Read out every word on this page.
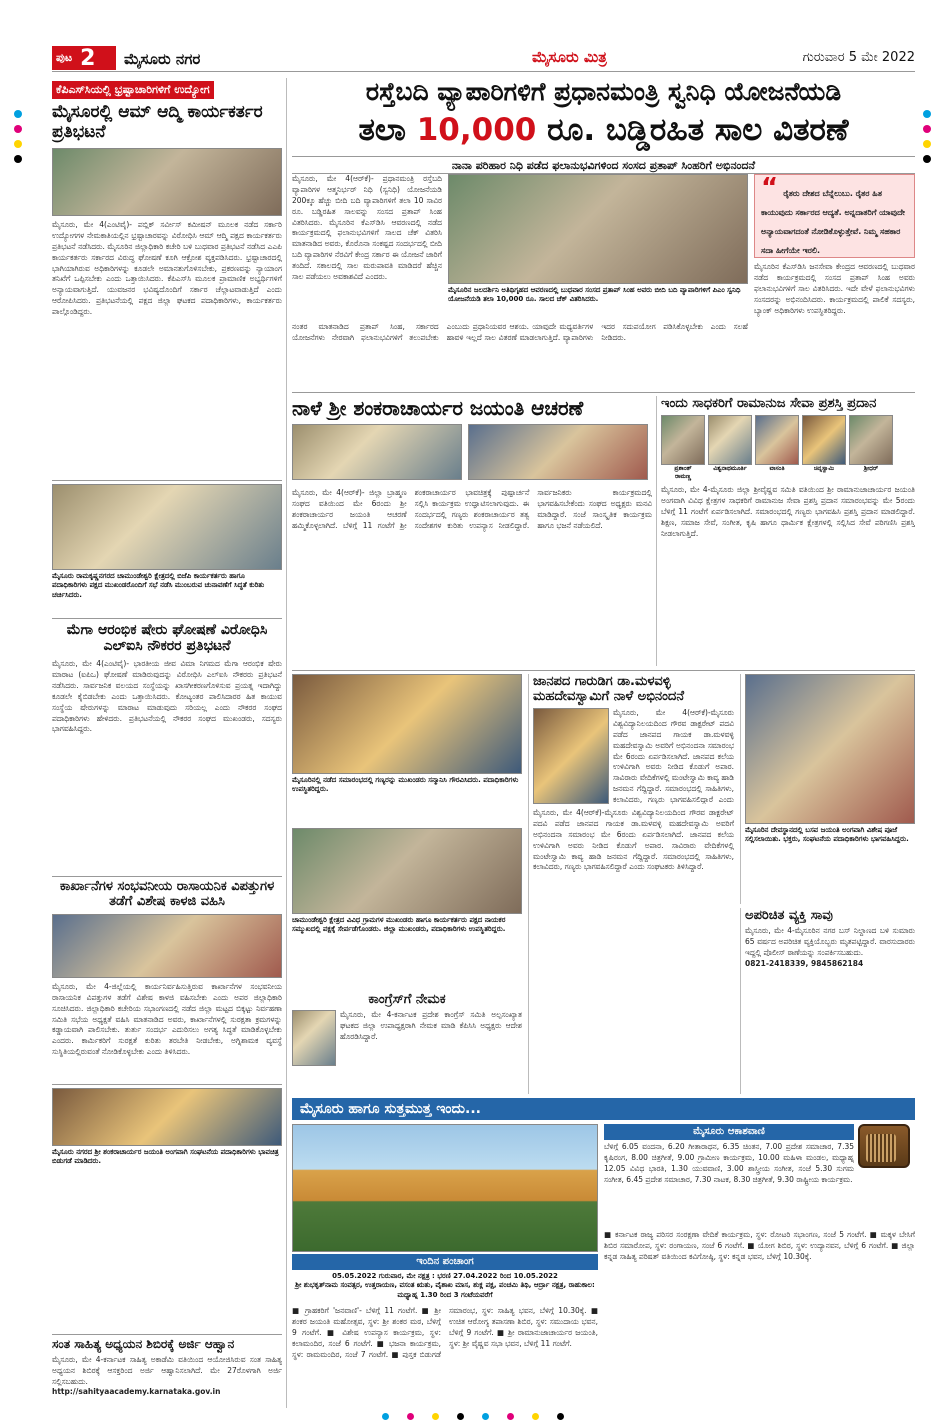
ಪುಟ 2 ಮೈಸೂರು ನಗರ	ಮೈಸೂರು ಮಿತ್ರ	ಗುರುವಾರ 5 ಮೇ 2022
ಕೆಪಿಎಸ್‌ಸಿಯಲ್ಲಿ ಭ್ರಷ್ಟಾಚಾರಿಗಳಿಗೆ ಉದ್ಯೋಗ
ಮೈಸೂರಲ್ಲಿ ಆಮ್ ಆದ್ಮಿ ಕಾರ್ಯಕರ್ತರ ಪ್ರತಿಭಟನೆ
ಮೈಸೂರು, ಮೇ 4(ಎಂಟಿವೈ)- ಪಬ್ಲಿಕ್ ಸರ್ವೀಸ್ ಕಮೀಷನ್ ಮೂಲಕ ನಡೆದ ಸರ್ಕಾರಿ ಉದ್ಯೋಗಗಳ ನೇಮಕಾತಿಯಲ್ಲಿನ ಭ್ರಷ್ಟಾಚಾರವನ್ನು ವಿರೋಧಿಸಿ ಆಮ್ ಆದ್ಮಿ ಪಕ್ಷದ ಕಾರ್ಯಕರ್ತರು ಪ್ರತಿಭಟನೆ ನಡೆಸಿದರು. ಮೈಸೂರಿನ ಜಿಲ್ಲಾಧಿಕಾರಿ ಕಚೇರಿ ಬಳಿ ಬುಧವಾರ ಪ್ರತಿಭಟನೆ ನಡೆಸಿದ ಎಎಪಿ ಕಾರ್ಯಕರ್ತರು ಸರ್ಕಾರದ ವಿರುದ್ಧ ಘೋಷಣೆ ಕೂಗಿ ಆಕ್ರೋಶ ವ್ಯಕ್ತಪಡಿಸಿದರು. ಭ್ರಷ್ಟಾಚಾರದಲ್ಲಿ ಭಾಗಿಯಾಗಿರುವ ಅಧಿಕಾರಿಗಳನ್ನು ಕೂಡಲೇ ಅಮಾನತುಗೊಳಿಸಬೇಕು, ಪ್ರಕರಣವನ್ನು ನ್ಯಾಯಾಂಗ ತನಿಖೆಗೆ ಒಪ್ಪಿಸಬೇಕು ಎಂದು ಒತ್ತಾಯಿಸಿದರು. ಕೆಪಿಎಸ್‌ಸಿ ಮೂಲಕ ಪ್ರಾಮಾಣಿಕ ಅಭ್ಯರ್ಥಿಗಳಿಗೆ ಅನ್ಯಾಯವಾಗುತ್ತಿದೆ. ಯುವಜನರ ಭವಿಷ್ಯದೊಂದಿಗೆ ಸರ್ಕಾರ ಚೆಲ್ಲಾಟವಾಡುತ್ತಿದೆ ಎಂದು ಆರೋಪಿಸಿದರು. ಪ್ರತಿಭಟನೆಯಲ್ಲಿ ಪಕ್ಷದ ಜಿಲ್ಲಾ ಘಟಕದ ಪದಾಧಿಕಾರಿಗಳು, ಕಾರ್ಯಕರ್ತರು ಪಾಲ್ಗೊಂಡಿದ್ದರು.
ಮೈಸೂರು ರಾಮಕೃಷ್ಣನಗರದ ಚಾಮುಂಡೇಶ್ವರಿ ಕ್ಷೇತ್ರದಲ್ಲಿ ಬಿಜೆಪಿ ಕಾರ್ಯಕರ್ತರು ಹಾಗೂ ಪದಾಧಿಕಾರಿಗಳು ಪಕ್ಷದ ಮುಖಂಡರೊಂದಿಗೆ ಸಭೆ ನಡೆಸಿ ಮುಂಬರುವ ಚುನಾವಣೆಗೆ ಸಿದ್ಧತೆ ಕುರಿತು ಚರ್ಚಿಸಿದರು.
ಮೆಗಾ ಆರಂಭಿಕ ಷೇರು ಘೋಷಣೆ ವಿರೋಧಿಸಿ ಎಲ್‌ಐಸಿ ನೌಕರರ ಪ್ರತಿಭಟನೆ
ಮೈಸೂರು, ಮೇ 4(ಎಂಟಿವೈ)- ಭಾರತೀಯ ಜೀವ ವಿಮಾ ನಿಗಮದ ಮೆಗಾ ಆರಂಭಿಕ ಷೇರು ಮಾರಾಟ (ಐಪಿಒ) ಘೋಷಣೆ ಮಾಡಿರುವುದನ್ನು ವಿರೋಧಿಸಿ ಎಲ್‌ಐಸಿ ನೌಕರರು ಪ್ರತಿಭಟನೆ ನಡೆಸಿದರು. ಸಾರ್ವಜನಿಕ ವಲಯದ ಸಂಸ್ಥೆಯನ್ನು ಖಾಸಗೀಕರಣಗೊಳಿಸುವ ಪ್ರಯತ್ನ ಇದಾಗಿದ್ದು ಕೂಡಲೇ ಕೈಬಿಡಬೇಕು ಎಂದು ಒತ್ತಾಯಿಸಿದರು. ಕೋಟ್ಯಂತರ ಪಾಲಿಸಿದಾರರ ಹಿತ ಕಾಯುವ ಸಂಸ್ಥೆಯ ಷೇರುಗಳನ್ನು ಮಾರಾಟ ಮಾಡುವುದು ಸರಿಯಲ್ಲ ಎಂದು ನೌಕರರ ಸಂಘದ ಪದಾಧಿಕಾರಿಗಳು ಹೇಳಿದರು. ಪ್ರತಿಭಟನೆಯಲ್ಲಿ ನೌಕರರ ಸಂಘದ ಮುಖಂಡರು, ಸದಸ್ಯರು ಭಾಗವಹಿಸಿದ್ದರು.
ಕಾರ್ಖಾನೆಗಳ ಸಂಭವನೀಯ ರಾಸಾಯನಿಕ ವಿಪತ್ತುಗಳ ತಡೆಗೆ ವಿಶೇಷ ಕಾಳಜಿ ವಹಿಸಿ
ಮೈಸೂರು, ಮೇ 4-ಜಿಲ್ಲೆಯಲ್ಲಿ ಕಾರ್ಯನಿರ್ವಹಿಸುತ್ತಿರುವ ಕಾರ್ಖಾನೆಗಳ ಸಂಭವನೀಯ ರಾಸಾಯನಿಕ ವಿಪತ್ತುಗಳ ತಡೆಗೆ ವಿಶೇಷ ಕಾಳಜಿ ವಹಿಸಬೇಕು ಎಂದು ಅಪರ ಜಿಲ್ಲಾಧಿಕಾರಿ ಸೂಚಿಸಿದರು. ಜಿಲ್ಲಾಧಿಕಾರಿ ಕಚೇರಿಯ ಸಭಾಂಗಣದಲ್ಲಿ ನಡೆದ ಜಿಲ್ಲಾ ಮಟ್ಟದ ಬಿಕ್ಕಟ್ಟು ನಿರ್ವಹಣಾ ಸಮಿತಿ ಸಭೆಯ ಅಧ್ಯಕ್ಷತೆ ವಹಿಸಿ ಮಾತನಾಡಿದ ಅವರು, ಕಾರ್ಖಾನೆಗಳಲ್ಲಿ ಸುರಕ್ಷತಾ ಕ್ರಮಗಳನ್ನು ಕಡ್ಡಾಯವಾಗಿ ಪಾಲಿಸಬೇಕು. ತುರ್ತು ಸಂದರ್ಭ ಎದುರಿಸಲು ಅಗತ್ಯ ಸಿದ್ಧತೆ ಮಾಡಿಕೊಳ್ಳಬೇಕು ಎಂದರು. ಕಾರ್ಮಿಕರಿಗೆ ಸುರಕ್ಷತೆ ಕುರಿತು ತರಬೇತಿ ನೀಡಬೇಕು, ಅಗ್ನಿಶಾಮಕ ವ್ಯವಸ್ಥೆ ಸುಸ್ಥಿತಿಯಲ್ಲಿರುವಂತೆ ನೋಡಿಕೊಳ್ಳಬೇಕು ಎಂದು ತಿಳಿಸಿದರು.
ಮೈಸೂರು ನಗರದ ಶ್ರೀ ಶಂಕರಾಚಾರ್ಯರ ಜಯಂತಿ ಅಂಗವಾಗಿ ಸಂಘಟನೆಯ ಪದಾಧಿಕಾರಿಗಳು ಭಾವಚಿತ್ರ ಬಿಡುಗಡೆ ಮಾಡಿದರು.
ಸಂತ ಸಾಹಿತ್ಯ ಅಧ್ಯಯನ ಶಿಬಿರಕ್ಕೆ ಅರ್ಜಿ ಆಹ್ವಾನ
ಮೈಸೂರು, ಮೇ 4-ಕರ್ನಾಟಕ ಸಾಹಿತ್ಯ ಅಕಾಡೆಮಿ ವತಿಯಿಂದ ಆಯೋಜಿಸಿರುವ ಸಂತ ಸಾಹಿತ್ಯ ಅಧ್ಯಯನ ಶಿಬಿರಕ್ಕೆ ಆಸಕ್ತರಿಂದ ಅರ್ಜಿ ಆಹ್ವಾನಿಸಲಾಗಿದೆ. ಮೇ 27ರೊಳಗಾಗಿ ಅರ್ಜಿ ಸಲ್ಲಿಸಬಹುದು.
http://sahityaacademy.karnataka.gov.in
ರಸ್ತೆಬದಿ ವ್ಯಾಪಾರಿಗಳಿಗೆ ಪ್ರಧಾನಮಂತ್ರಿ ಸ್ವನಿಧಿ ಯೋಜನೆಯಡಿ
ತಲಾ 10,000 ರೂ. ಬಡ್ಡಿರಹಿತ ಸಾಲ ವಿತರಣೆ
ನಾನಾ ಪರಿಹಾರ ನಿಧಿ ಪಡೆದ ಫಲಾನುಭವಿಗಳಿಂದ ಸಂಸದ ಪ್ರತಾಪ್ ಸಿಂಹರಿಗೆ ಅಭಿನಂದನೆ
ಮೈಸೂರು, ಮೇ 4(ಆರ್‌ಕೆ)- ಪ್ರಧಾನಮಂತ್ರಿ ರಸ್ತೆಬದಿ ವ್ಯಾಪಾರಿಗಳ ಆತ್ಮನಿರ್ಭರ್ ನಿಧಿ (ಸ್ವನಿಧಿ) ಯೋಜನೆಯಡಿ 200ಕ್ಕೂ ಹೆಚ್ಚು ಬೀದಿ ಬದಿ ವ್ಯಾಪಾರಿಗಳಿಗೆ ತಲಾ 10 ಸಾವಿರ ರೂ. ಬಡ್ಡಿರಹಿತ ಸಾಲವನ್ನು ಸಂಸದ ಪ್ರತಾಪ್ ಸಿಂಹ ವಿತರಿಸಿದರು. ಮೈಸೂರಿನ ಕೆಎಸ್‌ಡಿಸಿ ಆವರಣದಲ್ಲಿ ನಡೆದ ಕಾರ್ಯಕ್ರಮದಲ್ಲಿ ಫಲಾನುಭವಿಗಳಿಗೆ ಸಾಲದ ಚೆಕ್ ವಿತರಿಸಿ ಮಾತನಾಡಿದ ಅವರು, ಕೊರೊನಾ ಸಂಕಷ್ಟದ ಸಂದರ್ಭದಲ್ಲಿ ಬೀದಿ ಬದಿ ವ್ಯಾಪಾರಿಗಳ ನೆರವಿಗೆ ಕೇಂದ್ರ ಸರ್ಕಾರ ಈ ಯೋಜನೆ ಜಾರಿಗೆ ತಂದಿದೆ. ಸಕಾಲದಲ್ಲಿ ಸಾಲ ಮರುಪಾವತಿ ಮಾಡಿದರೆ ಹೆಚ್ಚಿನ ಸಾಲ ಪಡೆಯಲು ಅವಕಾಶವಿದೆ ಎಂದರು.
ಮೈಸೂರಿನ ಜಲದರ್ಶಿನಿ ಅತಿಥಿಗೃಹದ ಆವರಣದಲ್ಲಿ ಬುಧವಾರ ಸಂಸದ ಪ್ರತಾಪ್ ಸಿಂಹ ಅವರು ಬೀದಿ ಬದಿ ವ್ಯಾಪಾರಿಗಳಿಗೆ ಪಿಎಂ ಸ್ವನಿಧಿ ಯೋಜನೆಯಡಿ ತಲಾ 10,000 ರೂ. ಸಾಲದ ಚೆಕ್ ವಿತರಿಸಿದರು.
“ ರೈತರು ದೇಶದ ಬೆನ್ನೆಲುಬು. ರೈತರ ಹಿತ ಕಾಯುವುದು ಸರ್ಕಾರದ ಆದ್ಯತೆ. ಅನ್ನದಾತರಿಗೆ ಯಾವುದೇ ಅನ್ಯಾಯವಾಗದಂತೆ ನೋಡಿಕೊಳ್ಳುತ್ತೇವೆ. ನಿಮ್ಮ ಸಹಕಾರ ಸದಾ ಹೀಗೆಯೇ ಇರಲಿ.
ಮೈಸೂರಿನ ಕೆಎಸ್‌ಡಿಸಿ ಜನಸೇವಾ ಕೇಂದ್ರದ ಆವರಣದಲ್ಲಿ ಬುಧವಾರ ನಡೆದ ಕಾರ್ಯಕ್ರಮದಲ್ಲಿ ಸಂಸದ ಪ್ರತಾಪ್ ಸಿಂಹ ಅವರು ಫಲಾನುಭವಿಗಳಿಗೆ ಸಾಲ ವಿತರಿಸಿದರು. ಇದೇ ವೇಳೆ ಫಲಾನುಭವಿಗಳು ಸಂಸದರನ್ನು ಅಭಿನಂದಿಸಿದರು. ಕಾರ್ಯಕ್ರಮದಲ್ಲಿ ಪಾಲಿಕೆ ಸದಸ್ಯರು, ಬ್ಯಾಂಕ್ ಅಧಿಕಾರಿಗಳು ಉಪಸ್ಥಿತರಿದ್ದರು.
ನಂತರ ಮಾತನಾಡಿದ ಪ್ರತಾಪ್ ಸಿಂಹ, ಸರ್ಕಾರದ ಯೋಜನೆಗಳು ನೇರವಾಗಿ ಫಲಾನುಭವಿಗಳಿಗೆ ತಲುಪಬೇಕು ಎಂಬುದು ಪ್ರಧಾನಿಯವರ ಆಶಯ. ಯಾವುದೇ ಮಧ್ಯವರ್ತಿಗಳ ಹಾವಳಿ ಇಲ್ಲದೆ ಸಾಲ ವಿತರಣೆ ಮಾಡಲಾಗುತ್ತಿದೆ. ವ್ಯಾಪಾರಿಗಳು ಇದರ ಸದುಪಯೋಗ ಪಡಿಸಿಕೊಳ್ಳಬೇಕು ಎಂದು ಸಲಹೆ ನೀಡಿದರು.
ನಾಳೆ ಶ್ರೀ ಶಂಕರಾಚಾರ್ಯರ ಜಯಂತಿ ಆಚರಣೆ
ಮೈಸೂರು, ಮೇ 4(ಆರ್‌ಕೆ)- ಜಿಲ್ಲಾ ಬ್ರಾಹ್ಮಣ ಸಂಘದ ವತಿಯಿಂದ ಮೇ 6ರಂದು ಶ್ರೀ ಶಂಕರಾಚಾರ್ಯರ ಜಯಂತಿ ಆಚರಣೆ ಹಮ್ಮಿಕೊಳ್ಳಲಾಗಿದೆ. ಬೆಳಿಗ್ಗೆ 11 ಗಂಟೆಗೆ ಶ್ರೀ ಶಂಕರಾಚಾರ್ಯರ ಭಾವಚಿತ್ರಕ್ಕೆ ಪುಷ್ಪಾರ್ಚನೆ ಸಲ್ಲಿಸಿ ಕಾರ್ಯಕ್ರಮ ಉದ್ಘಾಟಿಸಲಾಗುವುದು. ಈ ಸಂದರ್ಭದಲ್ಲಿ ಗಣ್ಯರು ಶಂಕರಾಚಾರ್ಯರ ತತ್ವ ಸಂದೇಶಗಳ ಕುರಿತು ಉಪನ್ಯಾಸ ನೀಡಲಿದ್ದಾರೆ. ಸಾರ್ವಜನಿಕರು ಕಾರ್ಯಕ್ರಮದಲ್ಲಿ ಭಾಗವಹಿಸಬೇಕೆಂದು ಸಂಘದ ಅಧ್ಯಕ್ಷರು ಮನವಿ ಮಾಡಿದ್ದಾರೆ. ಸಂಜೆ ಸಾಂಸ್ಕೃತಿಕ ಕಾರ್ಯಕ್ರಮ ಹಾಗೂ ಭಜನೆ ನಡೆಯಲಿದೆ.
ಇಂದು ಸಾಧಕರಿಗೆ ರಾಮಾನುಜ ಸೇವಾ ಪ್ರಶಸ್ತಿ ಪ್ರದಾನ
ಪ್ರಶಾಂತ್	ವಿಶ್ವನಾಥಮೂರ್ತಿ	ವಾಸಂತಿ	ಚಿನ್ನಸ್ವಾಮಿ	ಶ್ರೀಧರ್
ರಾಮಣ್ಣ
ಮೈಸೂರು, ಮೇ 4-ಮೈಸೂರು ಜಿಲ್ಲಾ ಶ್ರೀವೈಷ್ಣವ ಸಮಿತಿ ವತಿಯಿಂದ ಶ್ರೀ ರಾಮಾನುಜಾಚಾರ್ಯರ ಜಯಂತಿ ಅಂಗವಾಗಿ ವಿವಿಧ ಕ್ಷೇತ್ರಗಳ ಸಾಧಕರಿಗೆ ರಾಮಾನುಜ ಸೇವಾ ಪ್ರಶಸ್ತಿ ಪ್ರದಾನ ಸಮಾರಂಭವನ್ನು ಮೇ 5ರಂದು ಬೆಳಿಗ್ಗೆ 11 ಗಂಟೆಗೆ ಏರ್ಪಡಿಸಲಾಗಿದೆ. ಸಮಾರಂಭದಲ್ಲಿ ಗಣ್ಯರು ಭಾಗವಹಿಸಿ ಪ್ರಶಸ್ತಿ ಪ್ರದಾನ ಮಾಡಲಿದ್ದಾರೆ. ಶಿಕ್ಷಣ, ಸಮಾಜ ಸೇವೆ, ಸಂಗೀತ, ಕೃಷಿ ಹಾಗೂ ಧಾರ್ಮಿಕ ಕ್ಷೇತ್ರಗಳಲ್ಲಿ ಸಲ್ಲಿಸಿದ ಸೇವೆ ಪರಿಗಣಿಸಿ ಪ್ರಶಸ್ತಿ ನೀಡಲಾಗುತ್ತಿದೆ.
ಮೈಸೂರಿನಲ್ಲಿ ನಡೆದ ಸಮಾರಂಭದಲ್ಲಿ ಗಣ್ಯರನ್ನು ಮುಖಂಡರು ಸನ್ಮಾನಿಸಿ ಗೌರವಿಸಿದರು. ಪದಾಧಿಕಾರಿಗಳು ಉಪಸ್ಥಿತರಿದ್ದರು.
ಚಾಮುಂಡೇಶ್ವರಿ ಕ್ಷೇತ್ರದ ವಿವಿಧ ಗ್ರಾಮಗಳ ಮುಖಂಡರು ಹಾಗೂ ಕಾರ್ಯಕರ್ತರು ಪಕ್ಷದ ನಾಯಕರ ಸಮ್ಮುಖದಲ್ಲಿ ಪಕ್ಷಕ್ಕೆ ಸೇರ್ಪಡೆಗೊಂಡರು. ಜಿಲ್ಲಾ ಮುಖಂಡರು, ಪದಾಧಿಕಾರಿಗಳು ಉಪಸ್ಥಿತರಿದ್ದರು.
ಕಾಂಗ್ರೆಸ್‌ಗೆ ನೇಮಕ
ಮೈಸೂರು, ಮೇ 4-ಕರ್ನಾಟಕ ಪ್ರದೇಶ ಕಾಂಗ್ರೆಸ್ ಸಮಿತಿ ಅಲ್ಪಸಂಖ್ಯಾತ ಘಟಕದ ಜಿಲ್ಲಾ ಉಪಾಧ್ಯಕ್ಷರಾಗಿ ನೇಮಕ ಮಾಡಿ ಕೆಪಿಸಿಸಿ ಅಧ್ಯಕ್ಷರು ಆದೇಶ ಹೊರಡಿಸಿದ್ದಾರೆ.
ಜಾನಪದ ಗಾರುಡಿಗ ಡಾ.ಮಳವಳ್ಳಿ ಮಹದೇವಸ್ವಾಮಿಗೆ ನಾಳೆ ಅಭಿನಂದನೆ
ಮೈಸೂರು, ಮೇ 4(ಆರ್‌ಕೆ)-ಮೈಸೂರು ವಿಶ್ವವಿದ್ಯಾನಿಲಯದಿಂದ ಗೌರವ ಡಾಕ್ಟರೇಟ್ ಪದವಿ ಪಡೆದ ಜಾನಪದ ಗಾಯಕ ಡಾ.ಮಳವಳ್ಳಿ ಮಹದೇವಸ್ವಾಮಿ ಅವರಿಗೆ ಅಭಿನಂದನಾ ಸಮಾರಂಭ ಮೇ 6ರಂದು ಏರ್ಪಡಿಸಲಾಗಿದೆ. ಜಾನಪದ ಕಲೆಯ ಉಳಿವಿಗಾಗಿ ಅವರು ನೀಡಿದ ಕೊಡುಗೆ ಅಪಾರ. ಸಾವಿರಾರು ವೇದಿಕೆಗಳಲ್ಲಿ ಮಂಟೇಸ್ವಾಮಿ ಕಾವ್ಯ ಹಾಡಿ ಜನಮನ ಗೆದ್ದಿದ್ದಾರೆ. ಸಮಾರಂಭದಲ್ಲಿ ಸಾಹಿತಿಗಳು, ಕಲಾವಿದರು, ಗಣ್ಯರು ಭಾಗವಹಿಸಲಿದ್ದಾರೆ ಎಂದು
ಮೈಸೂರು, ಮೇ 4(ಆರ್‌ಕೆ)-ಮೈಸೂರು ವಿಶ್ವವಿದ್ಯಾನಿಲಯದಿಂದ ಗೌರವ ಡಾಕ್ಟರೇಟ್ ಪದವಿ ಪಡೆದ ಜಾನಪದ ಗಾಯಕ ಡಾ.ಮಳವಳ್ಳಿ ಮಹದೇವಸ್ವಾಮಿ ಅವರಿಗೆ ಅಭಿನಂದನಾ ಸಮಾರಂಭ ಮೇ 6ರಂದು ಏರ್ಪಡಿಸಲಾಗಿದೆ. ಜಾನಪದ ಕಲೆಯ ಉಳಿವಿಗಾಗಿ ಅವರು ನೀಡಿದ ಕೊಡುಗೆ ಅಪಾರ. ಸಾವಿರಾರು ವೇದಿಕೆಗಳಲ್ಲಿ ಮಂಟೇಸ್ವಾಮಿ ಕಾವ್ಯ ಹಾಡಿ ಜನಮನ ಗೆದ್ದಿದ್ದಾರೆ. ಸಮಾರಂಭದಲ್ಲಿ ಸಾಹಿತಿಗಳು, ಕಲಾವಿದರು, ಗಣ್ಯರು ಭಾಗವಹಿಸಲಿದ್ದಾರೆ ಎಂದು ಸಂಘಟಕರು ತಿಳಿಸಿದ್ದಾರೆ.
ಮೈಸೂರಿನ ದೇವಸ್ಥಾನದಲ್ಲಿ ಬಸವ ಜಯಂತಿ ಅಂಗವಾಗಿ ವಿಶೇಷ ಪೂಜೆ ಸಲ್ಲಿಸಲಾಯಿತು. ಭಕ್ತರು, ಸಂಘಟನೆಯ ಪದಾಧಿಕಾರಿಗಳು ಭಾಗವಹಿಸಿದ್ದರು.
ಅಪರಿಚಿತ ವ್ಯಕ್ತಿ ಸಾವು
ಮೈಸೂರು, ಮೇ 4-ಮೈಸೂರಿನ ನಗರ ಬಸ್ ನಿಲ್ದಾಣದ ಬಳಿ ಸುಮಾರು 65 ವರ್ಷದ ಅಪರಿಚಿತ ವ್ಯಕ್ತಿಯೊಬ್ಬರು ಮೃತಪಟ್ಟಿದ್ದಾರೆ. ವಾರಸುದಾರರು ಇದ್ದಲ್ಲಿ ಪೊಲೀಸ್ ಠಾಣೆಯನ್ನು ಸಂಪರ್ಕಿಸಬಹುದು.
0821-2418339, 9845862184
ಮೈಸೂರು ಹಾಗೂ ಸುತ್ತಮುತ್ತ ಇಂದು...
ಇಂದಿನ ಪಂಚಾಂಗ
05.05.2022 ಗುರುವಾರ, ಮೇ ನಕ್ಷತ್ರ : ಭರಣಿ 27.04.2022 ರಿಂದ 10.05.2022
ಶ್ರೀ ಶುಭಕೃತ್‌ನಾಮ ಸಂವತ್ಸರ, ಉತ್ತರಾಯಣ, ವಸಂತ ಋತು, ವೈಶಾಖ ಮಾಸ, ಶುಕ್ಲ ಪಕ್ಷ, ಪಂಚಮಿ ತಿಥಿ, ಆರ್ದ್ರಾ ನಕ್ಷತ್ರ, ರಾಹುಕಾಲ: ಮಧ್ಯಾಹ್ನ 1.30 ರಿಂದ 3 ಗಂಟೆಯವರೆಗೆ
■ ಗ್ರಾಹಕರಿಗೆ 'ಜನವಾಣಿ'- ಬೆಳಿಗ್ಗೆ 11 ಗಂಟೆಗೆ. ■ ಶ್ರೀ ಶಂಕರ ಜಯಂತಿ ಮಹೋತ್ಸವ, ಸ್ಥಳ: ಶ್ರೀ ಶಂಕರ ಮಠ, ಬೆಳಿಗ್ಗೆ 9 ಗಂಟೆಗೆ. ■ ವಿಶೇಷ ಉಪನ್ಯಾಸ ಕಾರ್ಯಕ್ರಮ, ಸ್ಥಳ: ಕಲಾಮಂದಿರ, ಸಂಜೆ 6 ಗಂಟೆಗೆ. ■ ಭಜನಾ ಕಾರ್ಯಕ್ರಮ, ಸ್ಥಳ: ರಾಮಮಂದಿರ, ಸಂಜೆ 7 ಗಂಟೆಗೆ. ■ ಪುಸ್ತಕ ಬಿಡುಗಡೆ ಸಮಾರಂಭ, ಸ್ಥಳ: ಸಾಹಿತ್ಯ ಭವನ, ಬೆಳಿಗ್ಗೆ 10.30ಕ್ಕೆ. ■ ಉಚಿತ ಆರೋಗ್ಯ ತಪಾಸಣಾ ಶಿಬಿರ, ಸ್ಥಳ: ಸಮುದಾಯ ಭವನ, ಬೆಳಿಗ್ಗೆ 9 ಗಂಟೆಗೆ. ■ ಶ್ರೀ ರಾಮಾನುಜಾಚಾರ್ಯರ ಜಯಂತಿ, ಸ್ಥಳ: ಶ್ರೀ ವೈಷ್ಣವ ಸಭಾ ಭವನ, ಬೆಳಿಗ್ಗೆ 11 ಗಂಟೆಗೆ.
ಮೈಸೂರು ಆಕಾಶವಾಣಿ
ಬೆಳಿಗ್ಗೆ 6.05 ವಂದನಾ, 6.20 ಗೀತಾರಾಧನ, 6.35 ಚಿಂತನ, 7.00 ಪ್ರದೇಶ ಸಮಾಚಾರ, 7.35 ಕೃಷಿರಂಗ, 8.00 ಚಿತ್ರಗೀತೆ, 9.00 ಗ್ರಾಮೀಣ ಕಾರ್ಯಕ್ರಮ, 10.00 ಮಹಿಳಾ ಮಂಡಲ, ಮಧ್ಯಾಹ್ನ 12.05 ವಿವಿಧ ಭಾರತಿ, 1.30 ಯುವವಾಣಿ, 3.00 ಶಾಸ್ತ್ರೀಯ ಸಂಗೀತ, ಸಂಜೆ 5.30 ಸುಗಮ ಸಂಗೀತ, 6.45 ಪ್ರದೇಶ ಸಮಾಚಾರ, 7.30 ನಾಟಕ, 8.30 ಚಿತ್ರಗೀತೆ, 9.30 ರಾಷ್ಟ್ರೀಯ ಕಾರ್ಯಕ್ರಮ.
■ ಕರ್ನಾಟಕ ರಾಜ್ಯ ಪರಿಸರ ಸಂರಕ್ಷಣಾ ವೇದಿಕೆ ಕಾರ್ಯಕ್ರಮ, ಸ್ಥಳ: ರೋಟರಿ ಸಭಾಂಗಣ, ಸಂಜೆ 5 ಗಂಟೆಗೆ. ■ ಮಕ್ಕಳ ಬೇಸಿಗೆ ಶಿಬಿರ ಸಮಾರೋಪ, ಸ್ಥಳ: ರಂಗಾಯಣ, ಸಂಜೆ 6 ಗಂಟೆಗೆ. ■ ಯೋಗ ಶಿಬಿರ, ಸ್ಥಳ: ಉದ್ಯಾನವನ, ಬೆಳಿಗ್ಗೆ 6 ಗಂಟೆಗೆ. ■ ಜಿಲ್ಲಾ ಕನ್ನಡ ಸಾಹಿತ್ಯ ಪರಿಷತ್ ವತಿಯಿಂದ ಕವಿಗೋಷ್ಠಿ, ಸ್ಥಳ: ಕನ್ನಡ ಭವನ, ಬೆಳಿಗ್ಗೆ 10.30ಕ್ಕೆ.
